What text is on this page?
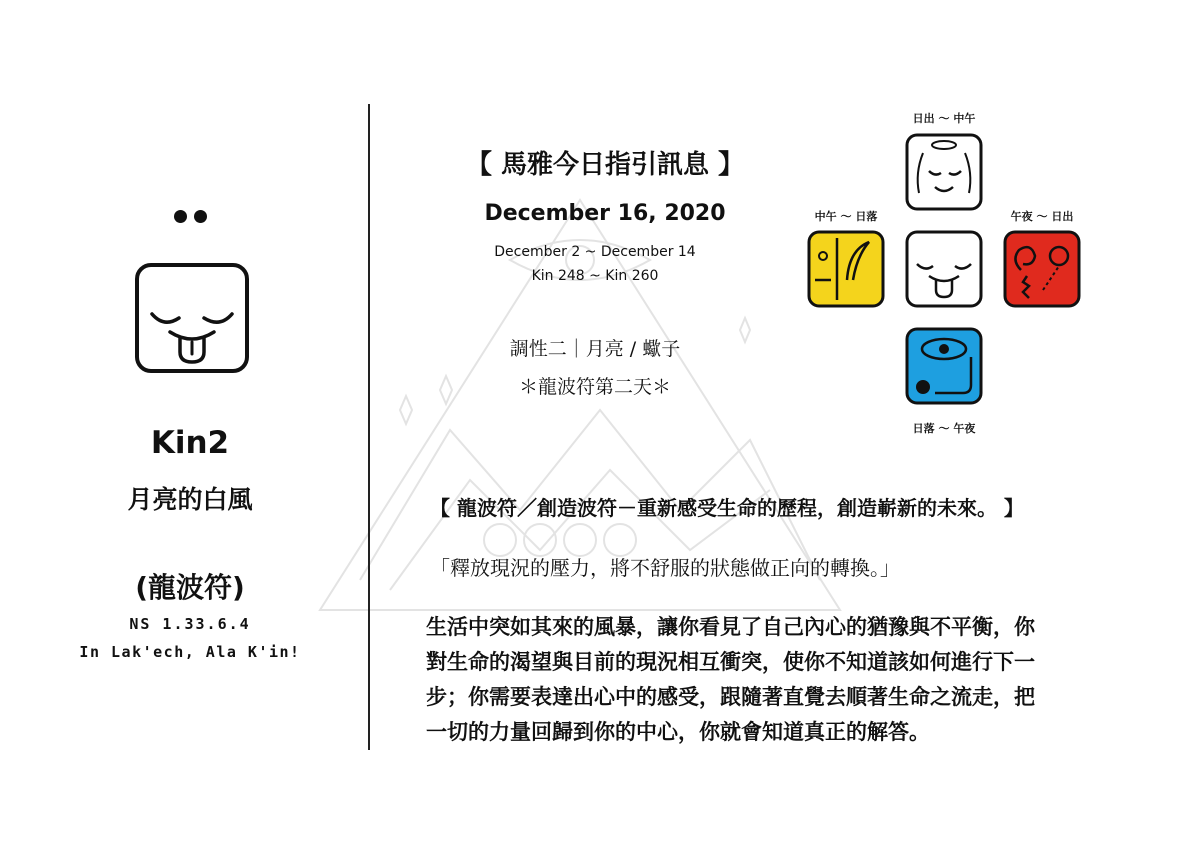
Kin2
月亮的白風
(龍波符)
NS 1.33.6.4
In Lak'ech, Ala K'in!
【 馬雅今日指引訊息 】
December 16, 2020
December 2 ~ December 14
Kin 248 ~ Kin 260
調性二｜月亮 / 蠍子
＊龍波符第二天＊
日出 ～ 中午
中午 ～ 日落	午夜 ～ 日出
日落 ～ 午夜
【 龍波符／創造波符－重新感受生命的歷程，創造嶄新的未來。 】
「釋放現況的壓力，將不舒服的狀態做正向的轉換。」
生活中突如其來的風暴，讓你看見了自己內心的猶豫與不平衡，你
對生命的渴望與目前的現況相互衝突，使你不知道該如何進行下一
步；你需要表達出心中的感受，跟隨著直覺去順著生命之流走，把
一切的力量回歸到你的中心，你就會知道真正的解答。
